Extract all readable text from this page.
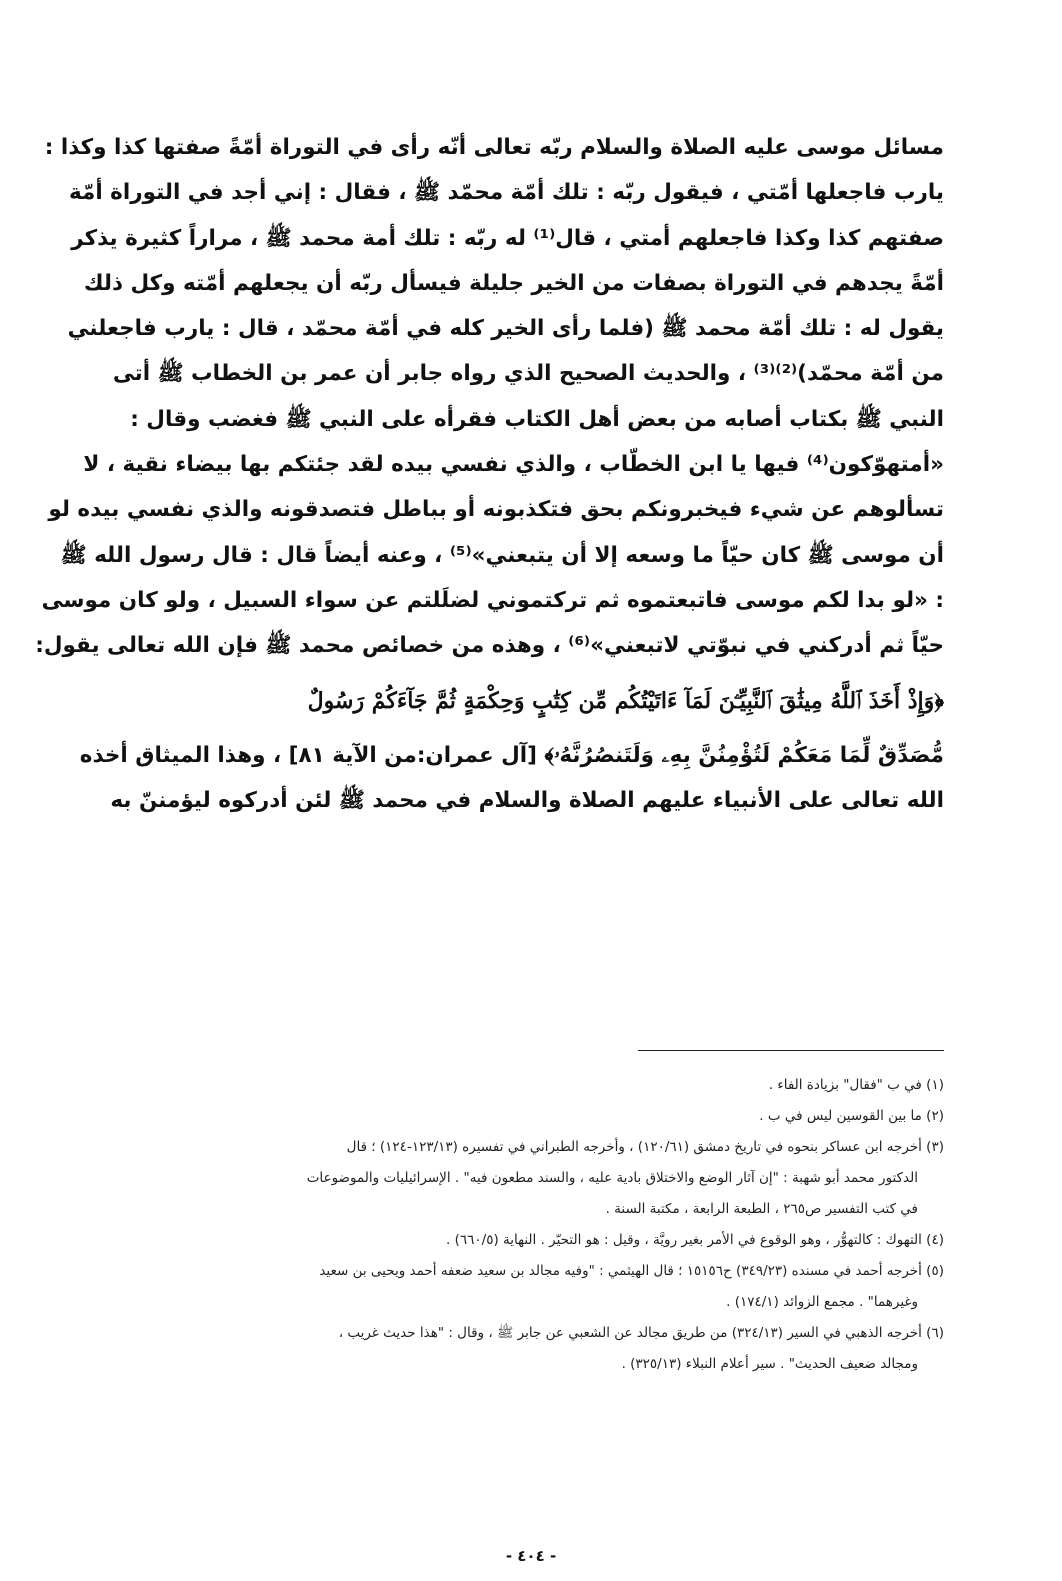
مسائل موسى عليه الصلاة والسلام ربّه تعالى أنّه رأى في التوراة أمّةً صفتها كذا وكذا :
يارب فاجعلها أمّتي ، فيقول ربّه : تلك أمّة محمّد ﷺ ، فقال : إني أجد في التوراة أمّة
صفتهم كذا وكذا فاجعلهم أمتي ، قال⁽¹⁾ له ربّه : تلك أمة محمد ﷺ ، مراراً كثيرة يذكر
أمّةً يجدهم في التوراة بصفات من الخير جليلة فيسأل ربّه أن يجعلهم أمّته وكل ذلك
يقول له : تلك أمّة محمد ﷺ (فلما رأى الخير كله في أمّة محمّد ، قال : يارب فاجعلني
من أمّة محمّد)⁽²⁾⁽³⁾ ، والحديث الصحيح الذي رواه جابر أن عمر بن الخطاب ﷺ أتى
النبي ﷺ بكتاب أصابه من بعض أهل الكتاب فقرأه على النبي ﷺ فغضب وقال :
«أمتهوّكون⁽⁴⁾ فيها يا ابن الخطّاب ، والذي نفسي بيده لقد جئتكم بها بيضاء نقية ، لا
تسألوهم عن شيء فيخبرونكم بحق فتكذبونه أو بباطل فتصدقونه والذي نفسي بيده لو
أن موسى ﷺ كان حيّاً ما وسعه إلا أن يتبعني»⁽⁵⁾ ، وعنه أيضاً قال : قال رسول الله ﷺ
: «لو بدا لكم موسى فاتبعتموه ثم تركتموني لضلَلتم عن سواء السبيل ، ولو كان موسى
حيّاً ثم أدركني في نبوّتي لاتبعني»⁽⁶⁾ ، وهذه من خصائص محمد ﷺ فإن الله تعالى يقول:
﴿وَإِذْ أَخَذَ ٱللَّهُ مِيثَٰقَ ٱلنَّبِيِّـۧنَ لَمَآ ءَاتَيْتُكُم مِّن كِتَٰبٍ وَحِكْمَةٍ ثُمَّ جَآءَكُمْ رَسُولٌ
مُّصَدِّقٌ لِّمَا مَعَكُمْ لَتُؤْمِنُنَّ بِهِۦ وَلَتَنصُرُنَّهُۥ﴾ [آل عمران:من الآية ٨١] ، وهذا الميثاق أخذه
الله تعالى على الأنبياء عليهم الصلاة والسلام في محمد ﷺ لئن أدركوه ليؤمننّ به
(١) في ب "فقال" بزيادة الفاء .
(٢) ما بين القوسين ليس في ب .
(٣) أخرجه ابن عساكر بنحوه في تاريخ دمشق (١٢٠/٦١) ، وأخرجه الطبراني في تفسيره (١٢٣/١٣-١٢٤) ؛ قال
الدكتور محمد أبو شهبة : "إن آثار الوضع والاختلاق بادية عليه ، والسند مطعون فيه" . الإسرائيليات والموضوعات
في كتب التفسير ص٢٦٥ ، الطبعة الرابعة ، مكتبة السنة .
(٤) التهوك : كالتهوُّر ، وهو الوقوع في الأمر بغير رويَّة ، وقيل : هو التحيّر . النهاية (٦٦٠/٥) .
(٥) أخرجه أحمد في مسنده (٣٤٩/٢٣) ح١٥١٥٦ ؛ قال الهيثمي : "وفيه مجالد بن سعيد ضعفه أحمد ويحيى بن سعيد
وغيرهما" . مجمع الزوائد (١٧٤/١) .
(٦) أخرجه الذهبي في السير (٣٢٤/١٣) من طريق مجالد عن الشعبي عن جابر ﷺ ، وقال : "هذا حديث غريب ،
ومجالد ضعيف الحديث" . سير أعلام النبلاء (٣٢٥/١٣) .
- ٤٠٤ -
